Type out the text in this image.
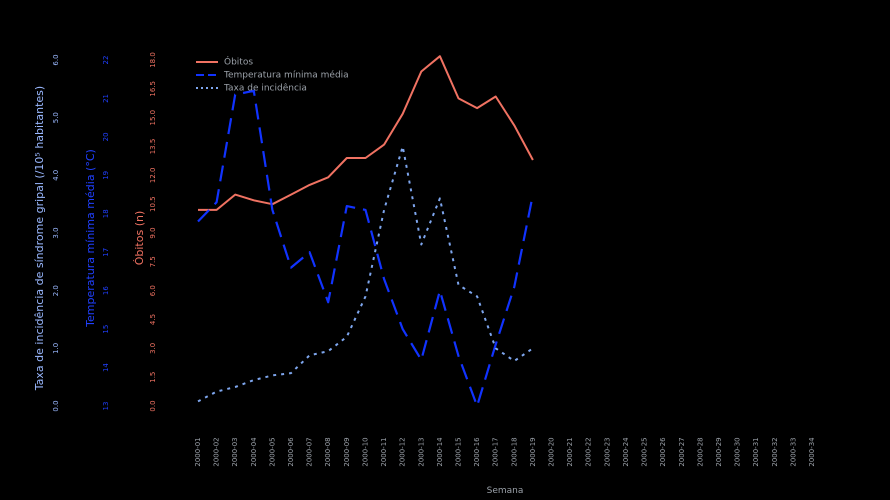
0.0
1.0
2.0
3.0
4.0
5.0
6.0
Taxa de incidência de síndrome gripal (/10⁵ habitantes)
13
14
15
16
17
18
19
20
21
22
Temperatura mínima média (°C)
0.0
1.5
3.0
4.5
6.0
7.5
9.0
10.5
12.0
13.5
15.0
16.5
18.0
Óbitos (n)
2000-01 2000-02 2000-03 2000-04 2000-05 2000-06 2000-07 2000-08 2000-09 2000-10 2000-11 2000-12 2000-13 2000-14 2000-15 2000-16 2000-17 2000-18 2000-19 2000-20 2000-21 2000-22 2000-23 2000-24 2000-25 2000-26 2000-27 2000-28 2000-29 2000-30 2000-31 2000-32 2000-33 2000-34
Semana
Óbitos
Temperatura mínima média
Taxa de incidência
